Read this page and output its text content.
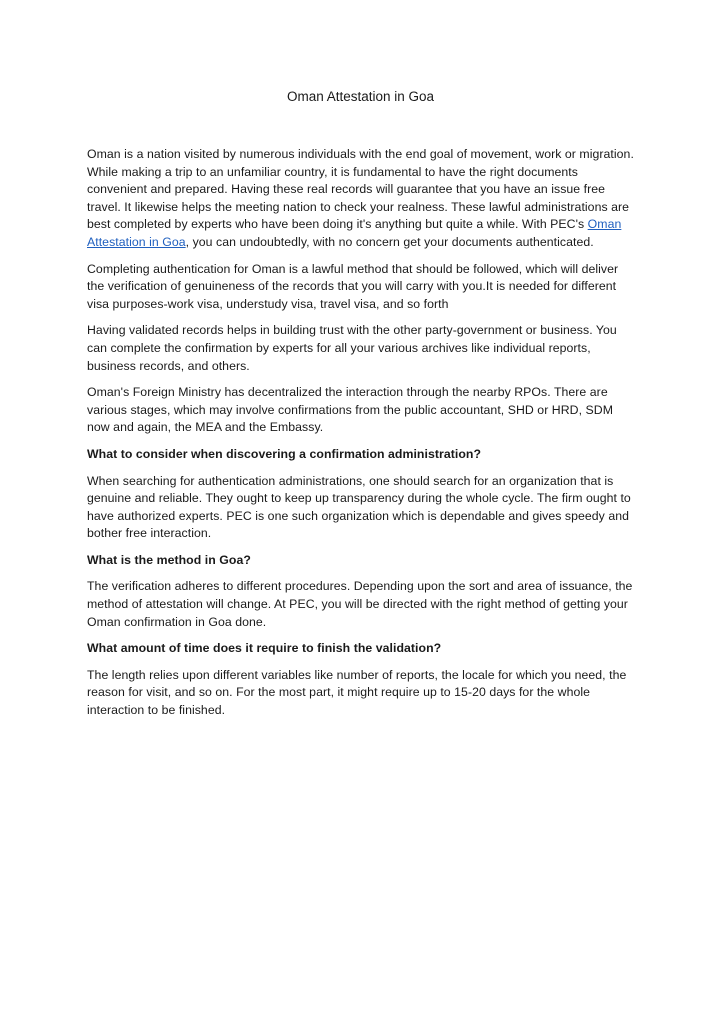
Oman Attestation in Goa

Oman is a nation visited by numerous individuals with the end goal of movement, work or migration. While making a trip to an unfamiliar country, it is fundamental to have the right documents convenient and prepared. Having these real records will guarantee that you have an issue free travel. It likewise helps the meeting nation to check your realness. These lawful administrations are best completed by experts who have been doing it's anything but quite a while. With PEC's Oman Attestation in Goa, you can undoubtedly, with no concern get your documents authenticated.

Completing authentication for Oman is a lawful method that should be followed, which will deliver the verification of genuineness of the records that you will carry with you.It is needed for different visa purposes-work visa, understudy visa, travel visa, and so forth

Having validated records helps in building trust with the other party-government or business. You can complete the confirmation by experts for all your various archives like individual reports, business records, and others.

Oman's Foreign Ministry has decentralized the interaction through the nearby RPOs. There are various stages, which may involve confirmations from the public accountant, SHD or HRD, SDM now and again, the MEA and the Embassy.

What to consider when discovering a confirmation administration?

When searching for authentication administrations, one should search for an organization that is genuine and reliable. They ought to keep up transparency during the whole cycle. The firm ought to have authorized experts. PEC is one such organization which is dependable and gives speedy and bother free interaction.

What is the method in Goa?

The verification adheres to different procedures. Depending upon the sort and area of issuance, the method of attestation will change. At PEC, you will be directed with the right method of getting your Oman confirmation in Goa done.

What amount of time does it require to finish the validation?

The length relies upon different variables like number of reports, the locale for which you need, the reason for visit, and so on. For the most part, it might require up to 15-20 days for the whole interaction to be finished.
